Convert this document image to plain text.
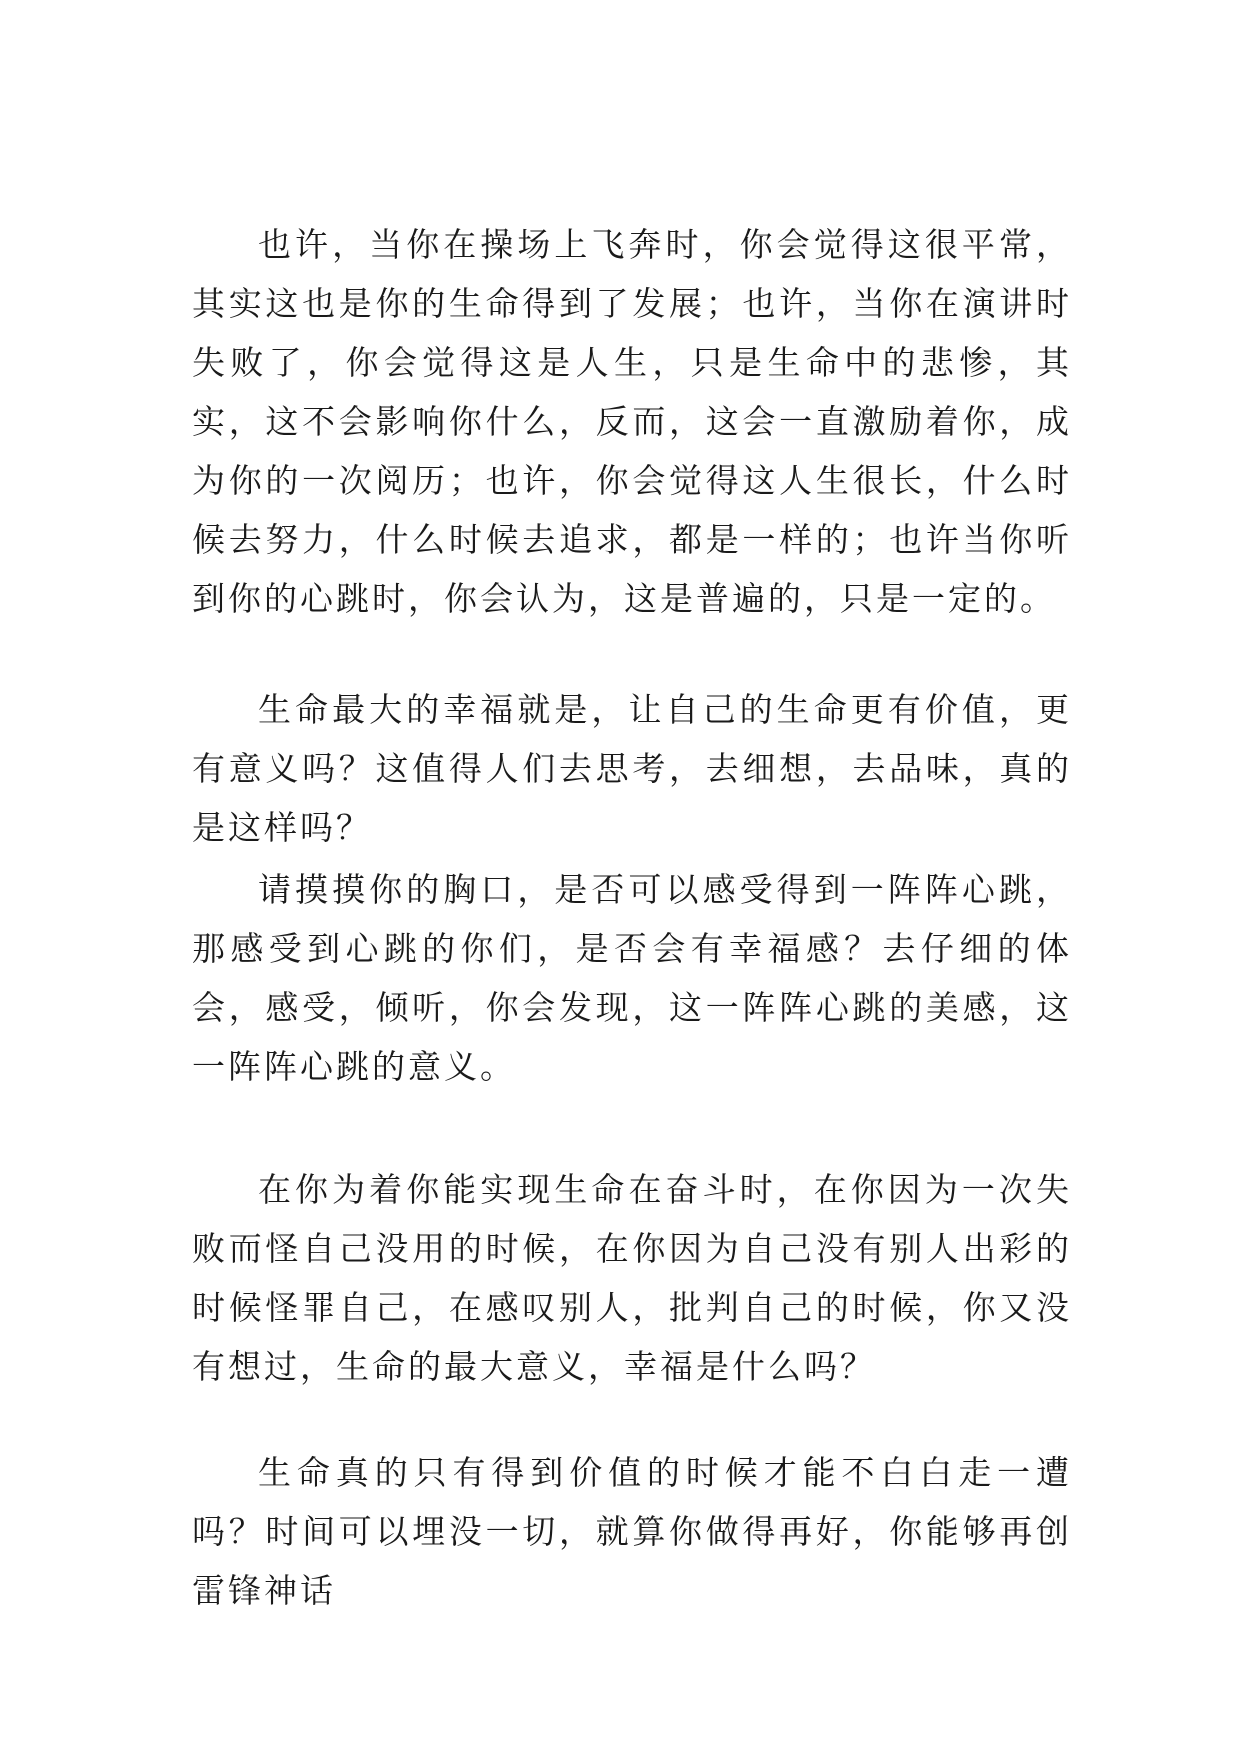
也许，当你在操场上飞奔时，你会觉得这很平常，其实这也是你的生命得到了发展；也许，当你在演讲时失败了，你会觉得这是人生，只是生命中的悲惨，其实，这不会影响你什么，反而，这会一直激励着你，成为你的一次阅历；也许，你会觉得这人生很长，什么时候去努力，什么时候去追求，都是一样的；也许当你听到你的心跳时，你会认为，这是普遍的，只是一定的。

生命最大的幸福就是，让自己的生命更有价值，更有意义吗？这值得人们去思考，去细想，去品味，真的是这样吗？

请摸摸你的胸口，是否可以感受得到一阵阵心跳，那感受到心跳的你们，是否会有幸福感？去仔细的体会，感受，倾听，你会发现，这一阵阵心跳的美感，这一阵阵心跳的意义。

在你为着你能实现生命在奋斗时，在你因为一次失败而怪自己没用的时候，在你因为自己没有别人出彩的时候怪罪自己，在感叹别人，批判自己的时候，你又没有想过，生命的最大意义，幸福是什么吗？

生命真的只有得到价值的时候才能不白白走一遭吗？时间可以埋没一切，就算你做得再好，你能够再创雷锋神话
